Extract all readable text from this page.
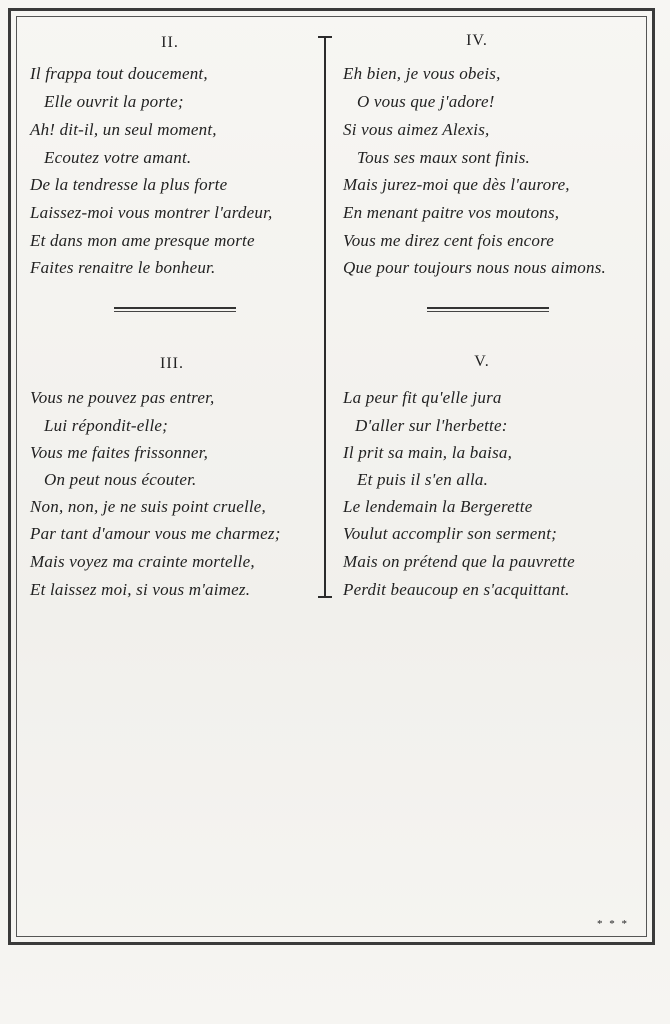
II.
Il frappa tout doucement,
Elle ouvrit la porte;
Ah! dit-il, un seul moment,
Ecoutez votre amant.
De la tendresse la plus forte
Laissez-moi vous montrer l'ardeur,
Et dans mon ame presque morte
Faites renaitre le bonheur.
IV.
Eh bien, je vous obeis,
O vous que j'adore!
Si vous aimez Alexis,
Tous ses maux sont finis.
Mais jurez-moi que dès l'aurore,
En menant paitre vos moutons,
Vous me direz cent fois encore
Que pour toujours nous nous aimons.
III.
Vous ne pouvez pas entrer,
Lui répondit-elle;
Vous me faites frissonner,
On peut nous écouter.
Non, non, je ne suis point cruelle,
Par tant d'amour vous me charmez;
Mais voyez ma crainte mortelle,
Et laissez moi, si vous m'aimez.
V.
La peur fit qu'elle jura
D'aller sur l'herbette:
Il prit sa main, la baisa,
Et puis il s'en alla.
Le lendemain la Bergerette
Voulut accomplir son serment;
Mais on prétend que la pauvrette
Perdit beaucoup en s'acquittant.
* * *
